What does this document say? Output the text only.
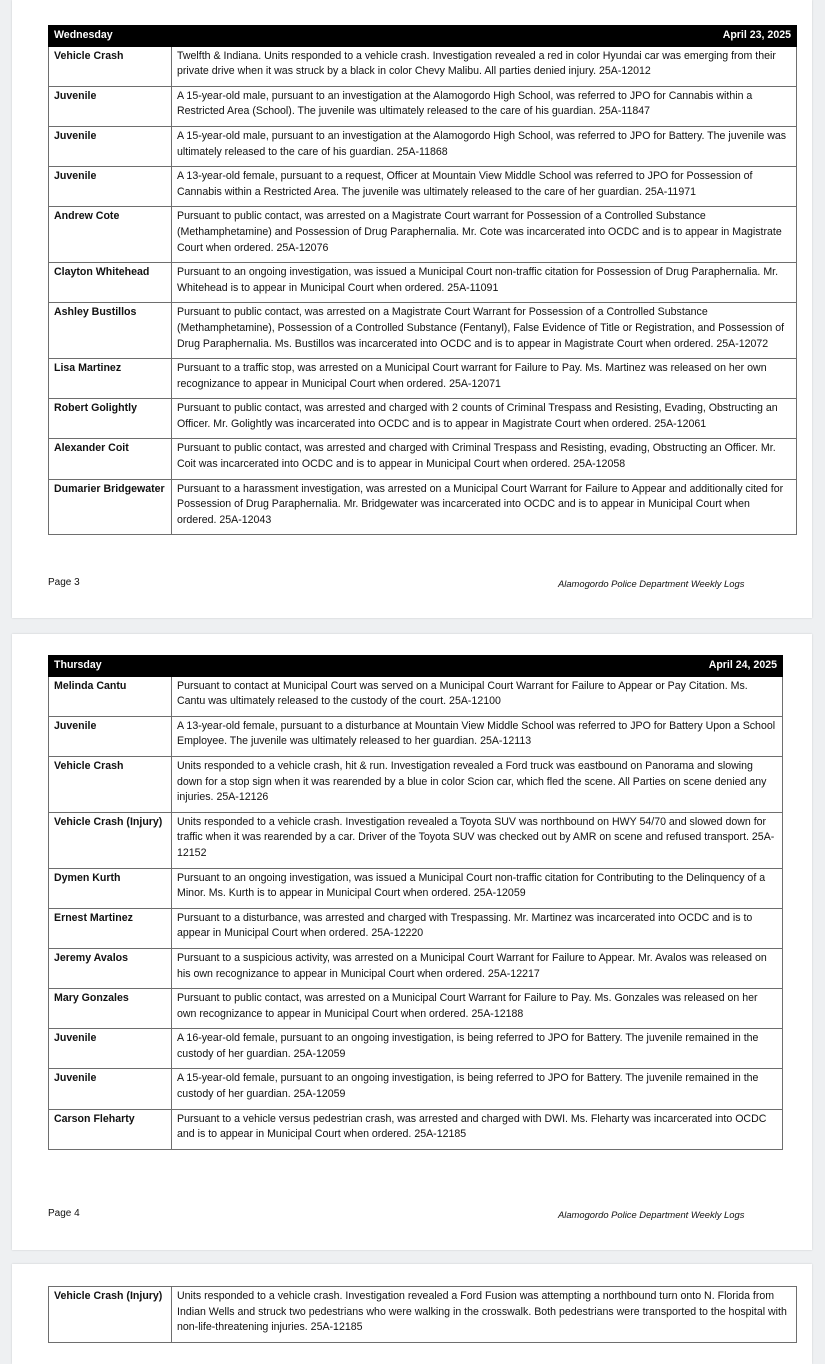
Wednesday	April 23, 2025
Vehicle Crash	Twelfth & Indiana. Units responded to a vehicle crash. Investigation revealed a red in color Hyundai car was emerging from their private drive when it was struck by a black in color Chevy Malibu. All parties denied injury. 25A-12012
Juvenile	A 15-year-old male, pursuant to an investigation at the Alamogordo High School, was referred to JPO for Cannabis within a Restricted Area (School). The juvenile was ultimately released to the care of his guardian. 25A-11847
Juvenile	A 15-year-old male, pursuant to an investigation at the Alamogordo High School, was referred to JPO for Battery. The juvenile was ultimately released to the care of his guardian. 25A-11868
Juvenile	A 13-year-old female, pursuant to a request, Officer at Mountain View Middle School was referred to JPO for Possession of Cannabis within a Restricted Area. The juvenile was ultimately released to the care of her guardian. 25A-11971
Andrew Cote	Pursuant to public contact, was arrested on a Magistrate Court warrant for Possession of a Controlled Substance (Methamphetamine) and Possession of Drug Paraphernalia. Mr. Cote was incarcerated into OCDC and is to appear in Magistrate Court when ordered. 25A-12076
Clayton Whitehead	Pursuant to an ongoing investigation, was issued a Municipal Court non-traffic citation for Possession of Drug Paraphernalia. Mr. Whitehead is to appear in Municipal Court when ordered. 25A-11091
Ashley Bustillos	Pursuant to public contact, was arrested on a Magistrate Court Warrant for Possession of a Controlled Substance (Methamphetamine), Possession of a Controlled Substance (Fentanyl), False Evidence of Title or Registration, and Possession of Drug Paraphernalia. Ms. Bustillos was incarcerated into OCDC and is to appear in Magistrate Court when ordered. 25A-12072
Lisa Martinez	Pursuant to a traffic stop, was arrested on a Municipal Court warrant for Failure to Pay. Ms. Martinez was released on her own recognizance to appear in Municipal Court when ordered. 25A-12071
Robert Golightly	Pursuant to public contact, was arrested and charged with 2 counts of Criminal Trespass and Resisting, Evading, Obstructing an Officer. Mr. Golightly was incarcerated into OCDC and is to appear in Magistrate Court when ordered. 25A-12061
Alexander Coit	Pursuant to public contact, was arrested and charged with Criminal Trespass and Resisting, evading, Obstructing an Officer. Mr. Coit was incarcerated into OCDC and is to appear in Municipal Court when ordered. 25A-12058
Dumarier Bridgewater	Pursuant to a harassment investigation, was arrested on a Municipal Court Warrant for Failure to Appear and additionally cited for Possession of Drug Paraphernalia. Mr. Bridgewater was incarcerated into OCDC and is to appear in Municipal Court when ordered. 25A-12043
Page 3	Alamogordo Police Department Weekly Logs
Thursday	April 24, 2025
Melinda Cantu	Pursuant to contact at Municipal Court was served on a Municipal Court Warrant for Failure to Appear or Pay Citation. Ms. Cantu was ultimately released to the custody of the court. 25A-12100
Juvenile	A 13-year-old female, pursuant to a disturbance at Mountain View Middle School was referred to JPO for Battery Upon a School Employee. The juvenile was ultimately released to her guardian. 25A-12113
Vehicle Crash	Units responded to a vehicle crash, hit & run. Investigation revealed a Ford truck was eastbound on Panorama and slowing down for a stop sign when it was rearended by a blue in color Scion car, which fled the scene. All Parties on scene denied any injuries. 25A-12126
Vehicle Crash (Injury)	Units responded to a vehicle crash. Investigation revealed a Toyota SUV was northbound on HWY 54/70 and slowed down for traffic when it was rearended by a car. Driver of the Toyota SUV was checked out by AMR on scene and refused transport. 25A-12152
Dymen Kurth	Pursuant to an ongoing investigation, was issued a Municipal Court non-traffic citation for Contributing to the Delinquency of a Minor. Ms. Kurth is to appear in Municipal Court when ordered. 25A-12059
Ernest Martinez	Pursuant to a disturbance, was arrested and charged with Trespassing. Mr. Martinez was incarcerated into OCDC and is to appear in Municipal Court when ordered. 25A-12220
Jeremy Avalos	Pursuant to a suspicious activity, was arrested on a Municipal Court Warrant for Failure to Appear. Mr. Avalos was released on his own recognizance to appear in Municipal Court when ordered. 25A-12217
Mary Gonzales	Pursuant to public contact, was arrested on a Municipal Court Warrant for Failure to Pay. Ms. Gonzales was released on her own recognizance to appear in Municipal Court when ordered. 25A-12188
Juvenile	A 16-year-old female, pursuant to an ongoing investigation, is being referred to JPO for Battery. The juvenile remained in the custody of her guardian. 25A-12059
Juvenile	A 15-year-old female, pursuant to an ongoing investigation, is being referred to JPO for Battery. The juvenile remained in the custody of her guardian. 25A-12059
Carson Fleharty	Pursuant to a vehicle versus pedestrian crash, was arrested and charged with DWI. Ms. Fleharty was incarcerated into OCDC and is to appear in Municipal Court when ordered. 25A-12185
Page 4	Alamogordo Police Department Weekly Logs
Vehicle Crash (Injury)	Units responded to a vehicle crash. Investigation revealed a Ford Fusion was attempting a northbound turn onto N. Florida from Indian Wells and struck two pedestrians who were walking in the crosswalk. Both pedestrians were transported to the hospital with non-life-threatening injuries. 25A-12185
